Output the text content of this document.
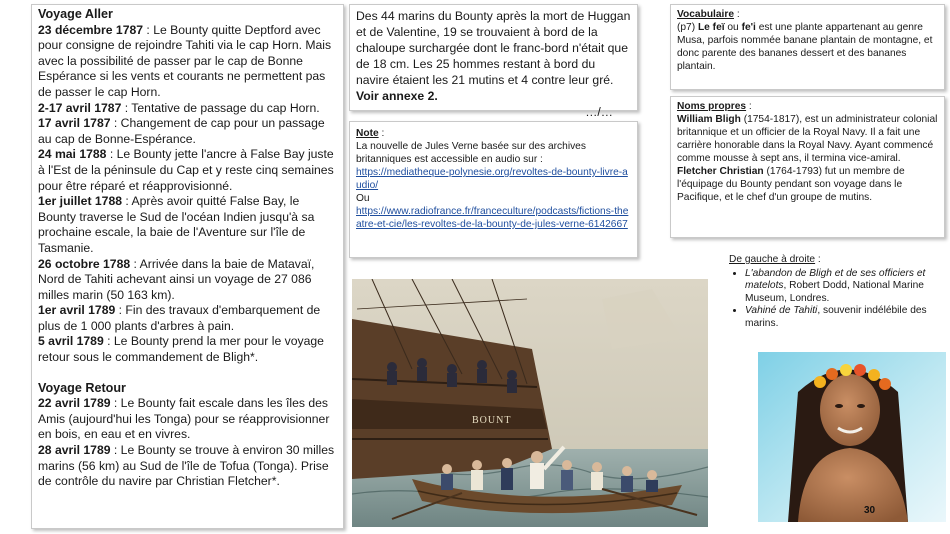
Voyage Aller

23 décembre 1787 : Le Bounty quitte Deptford avec pour consigne de rejoindre Tahiti via le cap Horn. Mais avec la possibilité de passer par le cap de Bonne Espérance si les vents et courants ne permettent pas de passer le cap Horn.

2-17 avril 1787 : Tentative de passage du cap Horn.

17 avril 1787 : Changement de cap pour un passage au cap de Bonne-Espérance.

24 mai 1788 : Le Bounty jette l'ancre à False Bay juste à l'Est de la péninsule du Cap et y reste cinq semaines pour être réparé et réapprovisionné.

1er juillet 1788 : Après avoir quitté False Bay, le Bounty traverse le Sud de l'océan Indien jusqu'à sa prochaine escale, la baie de l'Aventure sur l'île de Tasmanie.

26 octobre 1788 : Arrivée dans la baie de Matavaï, Nord de Tahiti achevant ainsi un voyage de 27 086 milles marin (50 163 km).

1er avril 1789 : Fin des travaux d'embarquement de plus de 1 000 plants d'arbres à pain.

5 avril 1789 : Le Bounty prend la mer pour le voyage retour sous le commandement de Bligh*.

Voyage Retour

22 avril 1789 : Le Bounty fait escale dans les îles des Amis (aujourd'hui les Tonga) pour se réapprovisionner en bois, en eau et en vivres.

28 avril 1789 : Le Bounty se trouve à environ 30 milles marins (56 km) au Sud de l'île de Tofua (Tonga). Prise de contrôle du navire par Christian Fletcher*.

Des 44 marins du Bounty après la mort de Huggan et de Valentine, 19 se trouvaient à bord de la chaloupe surchargée dont le franc-bord n'était que de 18 cm. Les 25 hommes restant à bord du navire étaient les 21 mutins et 4 contre leur gré. Voir annexe 2.
…/…
Note :
La nouvelle de Jules Verne basée sur des archives britanniques est accessible en audio sur :
https://mediatheque-polynesie.org/revoltes-de-bounty-livre-audio/
Ou
https://www.radiofrance.fr/franceculture/podcasts/fictions-theatre-et-cie/les-revoltes-de-la-bounty-de-jules-verne-6142667
Vocabulaire :
(p7) Le feï ou fe'i est une plante appartenant au genre Musa, parfois nommée banane plantain de montagne, et donc parente des bananes dessert et des bananes plantain.
Noms propres :
William Bligh (1754-1817), est un administrateur colonial britannique et un officier de la Royal Navy. Il a fait une carrière honorable dans la Royal Navy. Ayant commencé comme mousse à sept ans, il termina vice-amiral.
Fletcher Christian (1764-1793) fut un membre de l'équipage du Bounty pendant son voyage dans le Pacifique, et le chef d'un groupe de mutins.
De gauche à droite :
• L'abandon de Bligh et de ses officiers et matelots, Robert Dodd, National Marine Museum, Londres.
• Vahiné de Tahiti, souvenir indélébile des marins.
BOUNT
30
